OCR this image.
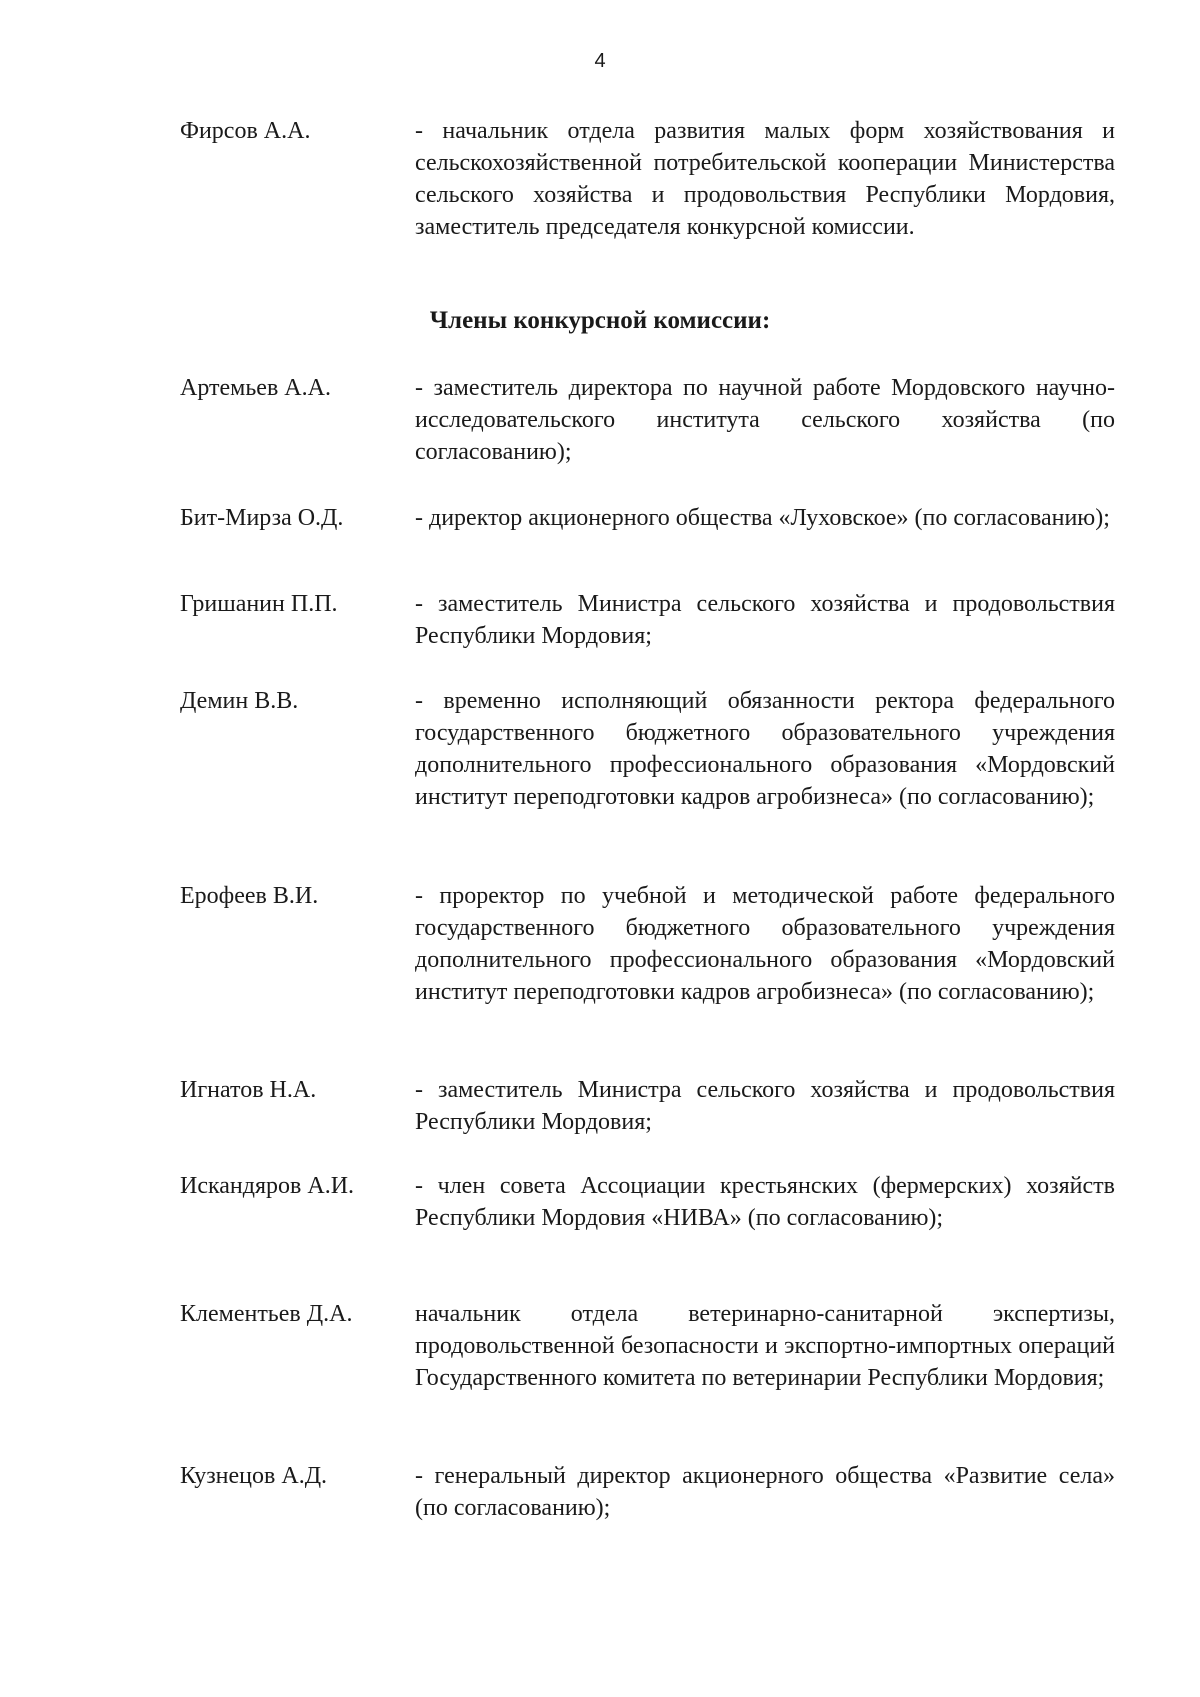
4
Фирсов А.А.	- начальник отдела развития малых форм хозяйствования и сельскохозяйственной потребительской кооперации Министерства сельского хозяйства и продовольствия Республики Мордовия, заместитель председателя конкурсной комиссии.
Члены конкурсной комиссии:
Артемьев А.А.	- заместитель директора по научной работе Мордовского научно-исследовательского института сельского хозяйства (по согласованию);
Бит-Мирза О.Д.	- директор акционерного общества «Луховское» (по согласованию);
Гришанин П.П.	- заместитель Министра сельского хозяйства и продовольствия Республики Мордовия;
Демин В.В.	- временно исполняющий обязанности ректора федерального государственного бюджетного образовательного учреждения дополнительного профессионального образования «Мордовский институт переподготовки кадров агробизнеса» (по согласованию);
Ерофеев В.И.	- проректор по учебной и методической работе федерального государственного бюджетного образовательного учреждения дополнительного профессионального образования «Мордовский институт переподготовки кадров агробизнеса» (по согласованию);
Игнатов Н.А.	- заместитель Министра сельского хозяйства и продовольствия Республики Мордовия;
Искандяров А.И.	- член совета Ассоциации крестьянских (фермерских) хозяйств Республики Мордовия «НИВА» (по согласованию);
Клементьев Д.А.	начальник отдела ветеринарно-санитарной экспертизы, продовольственной безопасности и экспортно-импортных операций Государственного комитета по ветеринарии Республики Мордовия;
Кузнецов А.Д.	- генеральный директор акционерного общества «Развитие села» (по согласованию);
